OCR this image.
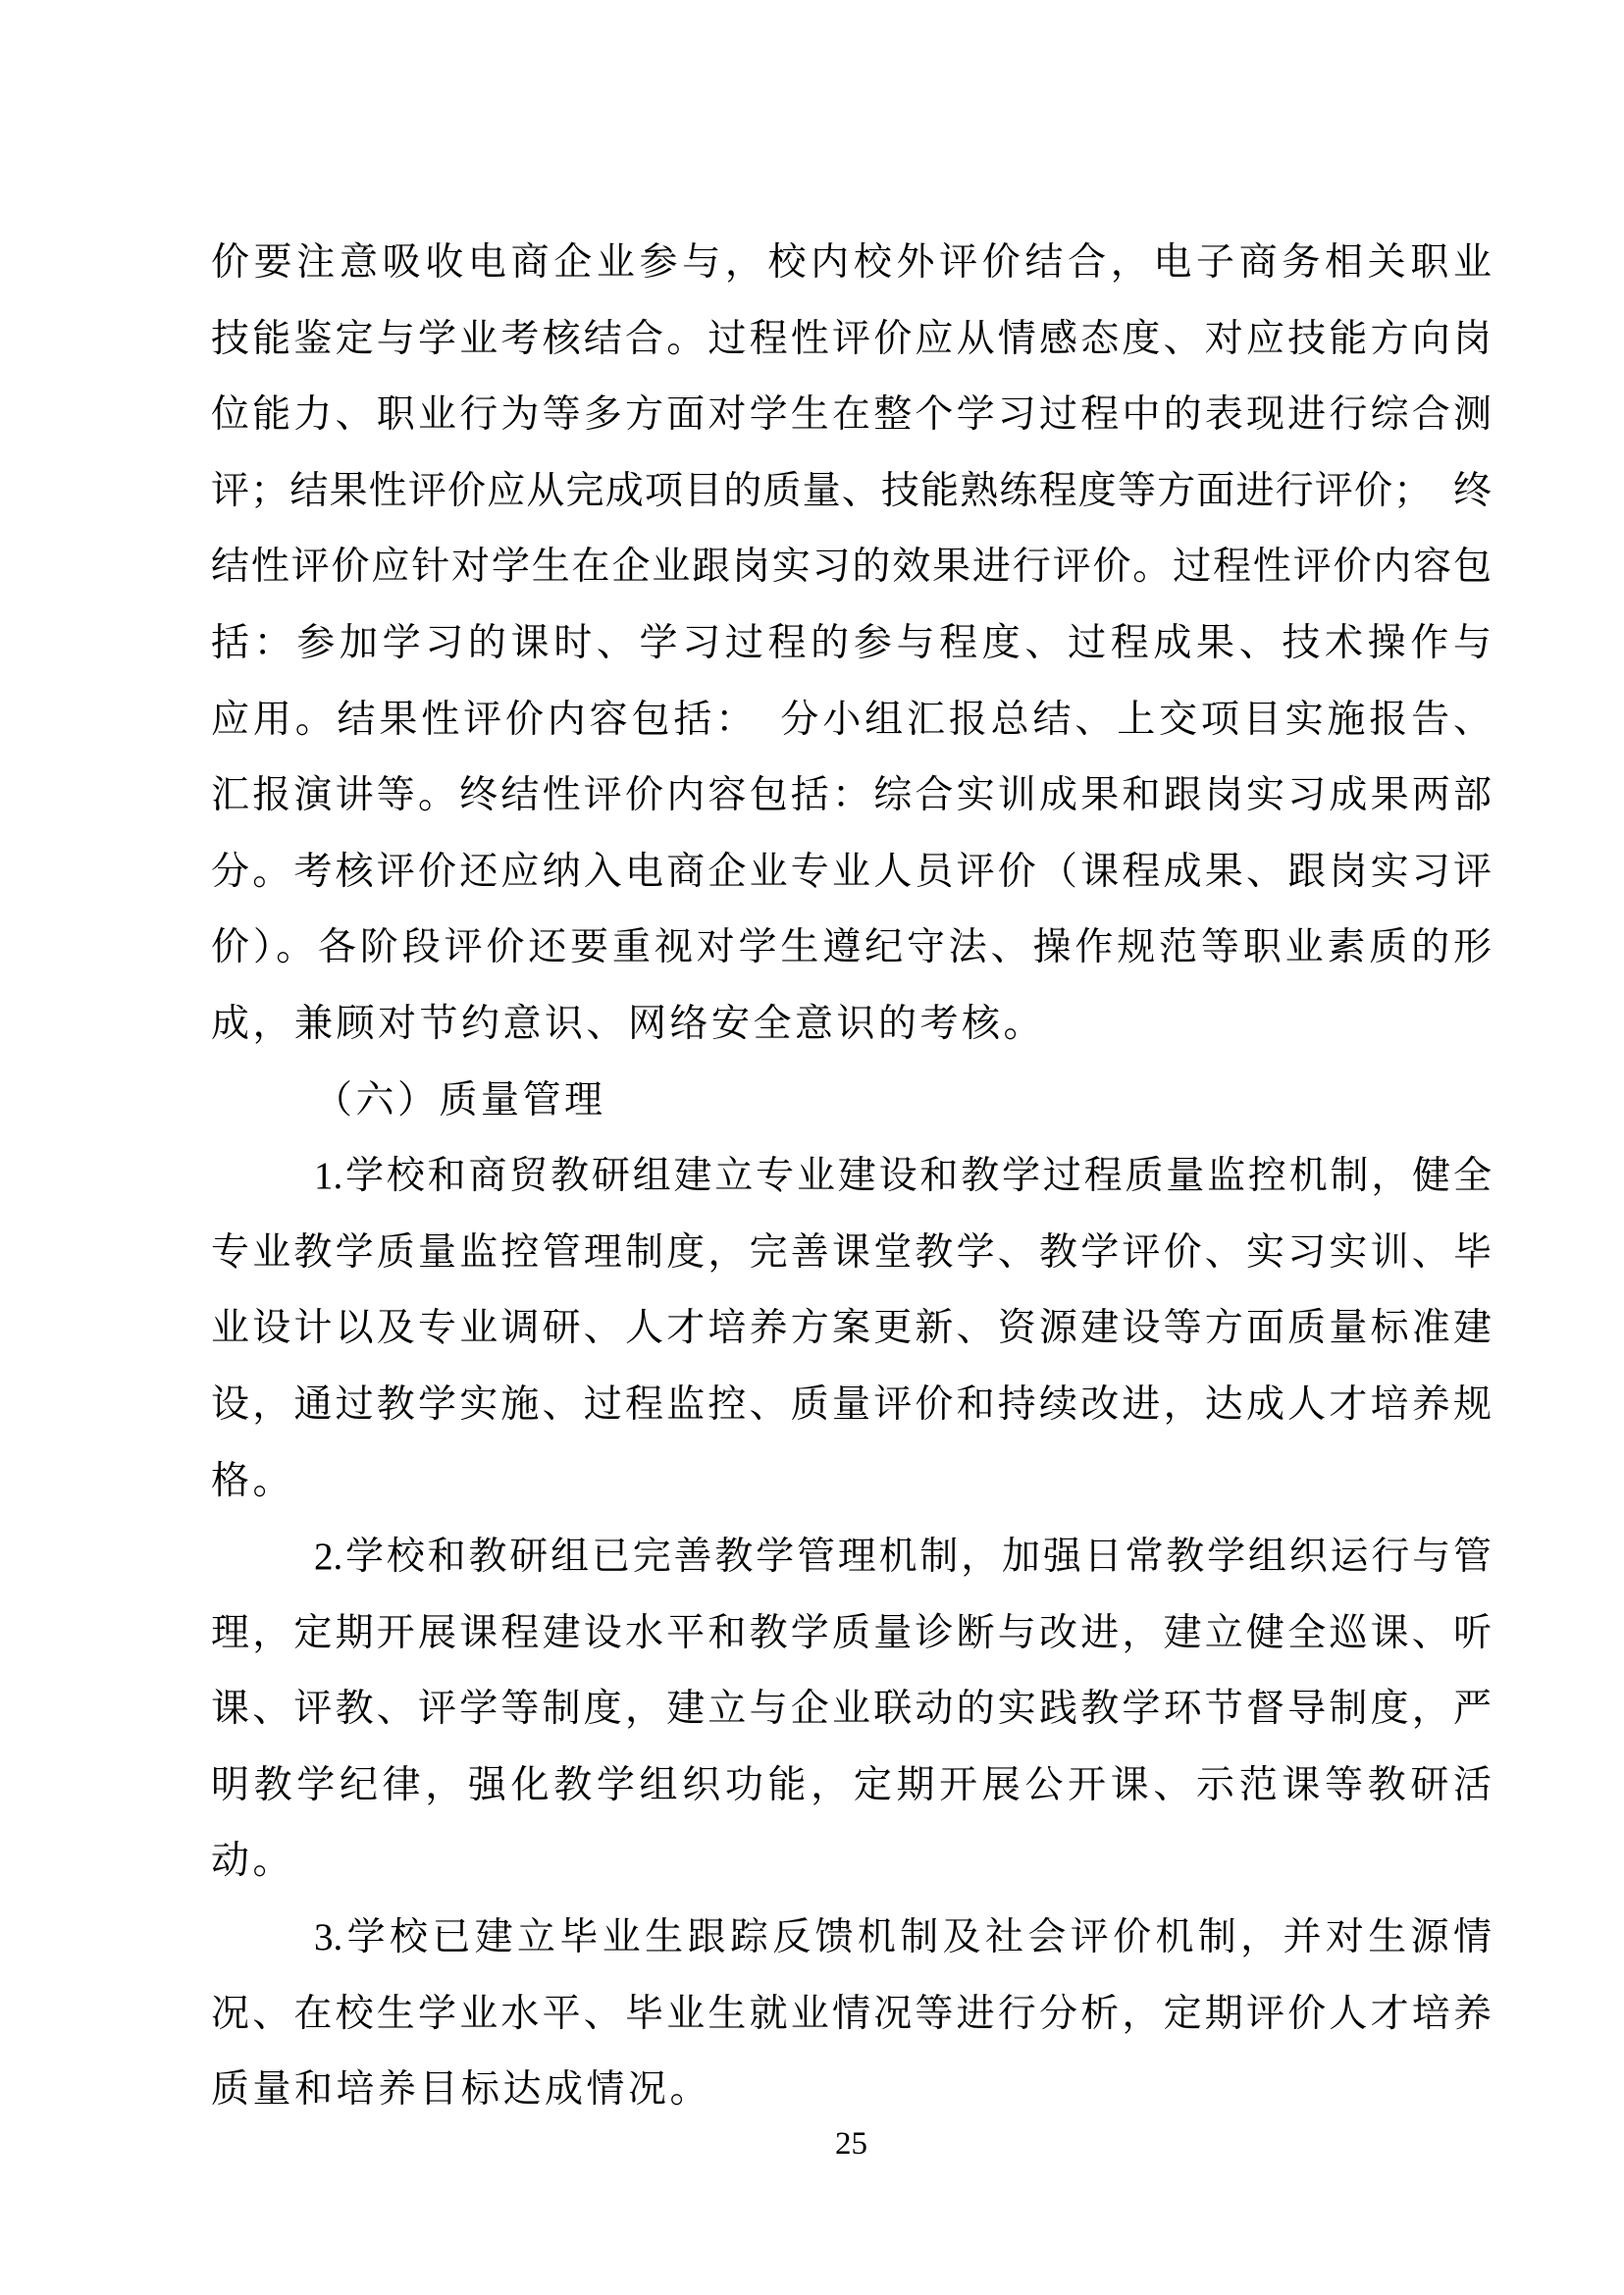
价要注意吸收电商企业参与，校内校外评价结合，电子商务相关职业
技能鉴定与学业考核结合。过程性评价应从情感态度、对应技能方向岗
位能力、职业行为等多方面对学生在整个学习过程中的表现进行综合测
评；结果性评价应从完成项目的质量、技能熟练程度等方面进行评价；　终
结性评价应针对学生在企业跟岗实习的效果进行评价。过程性评价内容包
括：参加学习的课时、学习过程的参与程度、过程成果、技术操作与
应用。结果性评价内容包括：　分小组汇报总结、上交项目实施报告、
汇报演讲等。终结性评价内容包括：综合实训成果和跟岗实习成果两部
分。考核评价还应纳入电商企业专业人员评价（课程成果、跟岗实习评
价）。各阶段评价还要重视对学生遵纪守法、操作规范等职业素质的形
成，兼顾对节约意识、网络安全意识的考核。
（六）质量管理
1.学校和商贸教研组建立专业建设和教学过程质量监控机制，健全
专业教学质量监控管理制度，完善课堂教学、教学评价、实习实训、毕
业设计以及专业调研、人才培养方案更新、资源建设等方面质量标准建
设，通过教学实施、过程监控、质量评价和持续改进，达成人才培养规
格。
2.学校和教研组已完善教学管理机制，加强日常教学组织运行与管
理，定期开展课程建设水平和教学质量诊断与改进，建立健全巡课、听
课、评教、评学等制度，建立与企业联动的实践教学环节督导制度，严
明教学纪律，强化教学组织功能，定期开展公开课、示范课等教研活
动。
3.学校已建立毕业生跟踪反馈机制及社会评价机制，并对生源情
况、在校生学业水平、毕业生就业情况等进行分析，定期评价人才培养
质量和培养目标达成情况。
25
